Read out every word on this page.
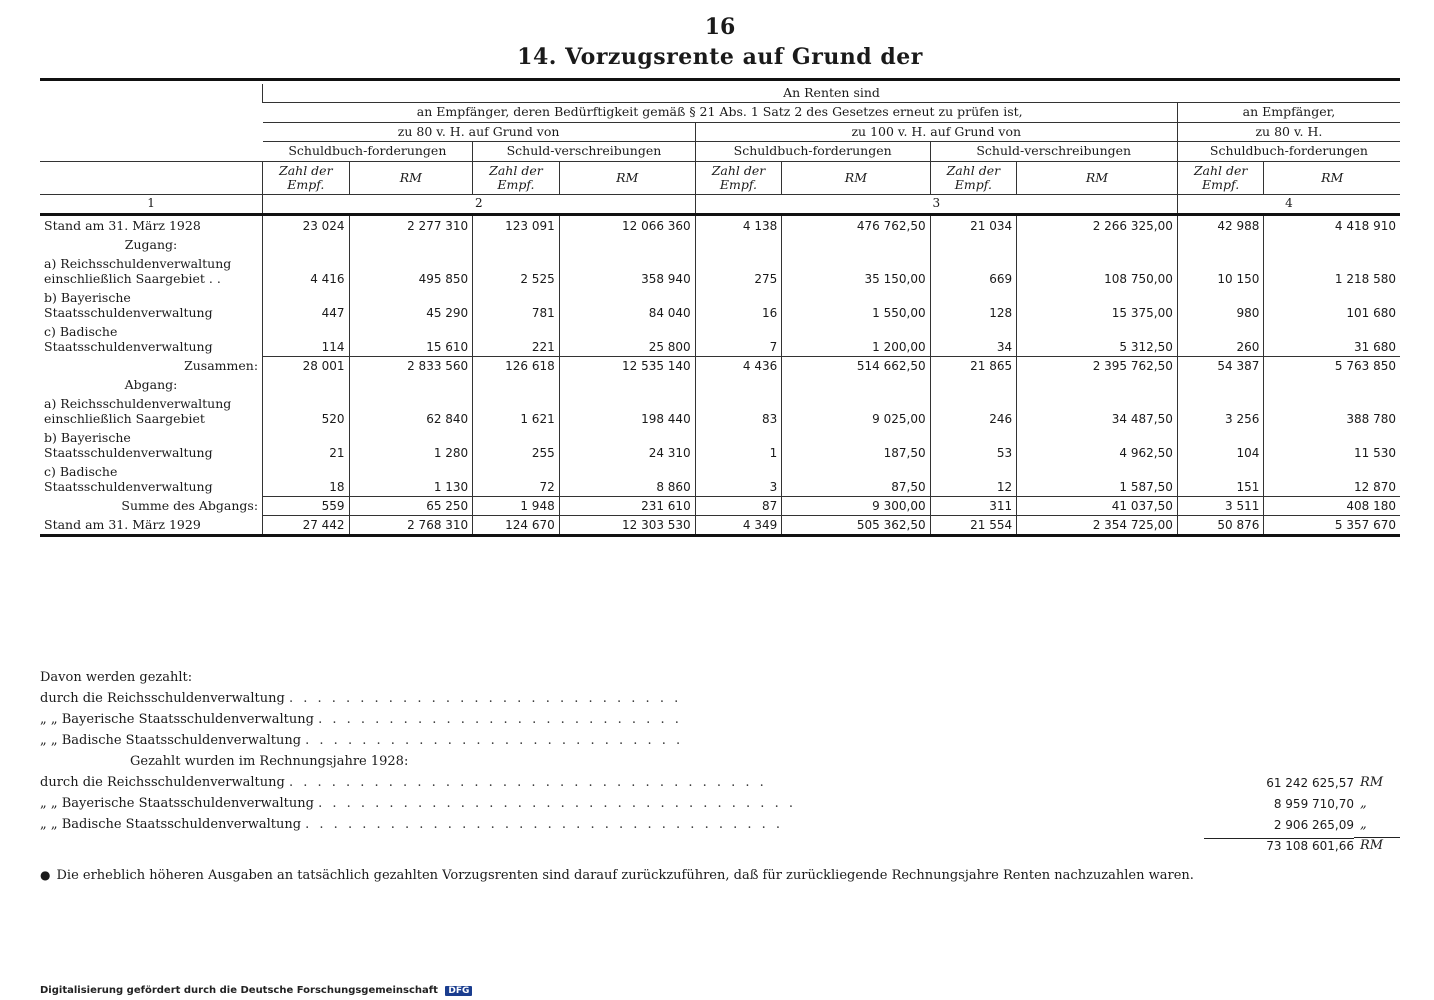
16
14. Vorzugsrente auf Grund der
	An Renten sind									
	an Empfänger, deren Bedürftigkeit gemäß § 21 Abs. 1 Satz 2 des Gesetzes erneut zu prüfen ist,								an Empfänger,	
	zu 80 v. H. auf Grund von				zu 100 v. H. auf Grund von				zu 80 v. H.	
	Schuldbuch-forderungen		Schuld-verschreibungen		Schuldbuch-forderungen		Schuld-verschreibungen		Schuldbuch-forderungen	
	Zahl der Empf.	RM	Zahl der Empf.	RM	Zahl der Empf.	RM	Zahl der Empf.	RM	Zahl der Empf.	RM
1	2				3				4	
Stand am 31. März 1928	23 024	2 277 310	123 091	12 066 360	4 138	476 762,50	21 034	2 266 325,00	42 988	4 418 910
Zugang:										
a) Reichsschuldenverwaltung einschließlich Saargebiet . .	4 416	495 850	2 525	358 940	275	35 150,00	669	108 750,00	10 150	1 218 580
b) Bayerische Staatsschuldenverwaltung	447	45 290	781	84 040	16	1 550,00	128	15 375,00	980	101 680
c) Badische Staatsschuldenverwaltung	114	15 610	221	25 800	7	1 200,00	34	5 312,50	260	31 680
Zusammen:	28 001	2 833 560	126 618	12 535 140	4 436	514 662,50	21 865	2 395 762,50	54 387	5 763 850
Abgang:										
a) Reichsschuldenverwaltung einschließlich Saargebiet	520	62 840	1 621	198 440	83	9 025,00	246	34 487,50	3 256	388 780
b) Bayerische Staatsschuldenverwaltung	21	1 280	255	24 310	1	187,50	53	4 962,50	104	11 530
c) Badische Staatsschuldenverwaltung	18	1 130	72	8 860	3	87,50	12	1 587,50	151	12 870
Summe des Abgangs:	559	65 250	1 948	231 610	87	9 300,00	311	41 037,50	3 511	408 180
Stand am 31. März 1929	27 442	2 768 310	124 670	12 303 530	4 349	505 362,50	21 554	2 354 725,00	50 876	5 357 670
Davon werden gezahlt:
durch die Reichsschuldenverwaltung . . . . . . . . . . . . . . . . . . . . . . . . . . . .
„ „ Bayerische Staatsschuldenverwaltung . . . . . . . . . . . . . . . . . . . . . . . . . .
„ „ Badische Staatsschuldenverwaltung . . . . . . . . . . . . . . . . . . . . . . . . . . .
Gezahlt wurden im Rechnungsjahre 1928:
durch die Reichsschuldenverwaltung . . . . . . . . . . . . . . . . . . . . . . . . . . . . . . . . . .	61 242 625,57 RM
„ „ Bayerische Staatsschuldenverwaltung . . . . . . . . . . . . . . . . . . . . . . . . . . . . . . . . . .	8 959 710,70 „
„ „ Badische Staatsschuldenverwaltung . . . . . . . . . . . . . . . . . . . . . . . . . . . . . . . . . .	2 906 265,09 „
73 108 601,66 RM
● Die erheblich höheren Ausgaben an tatsächlich gezahlten Vorzugsrenten sind darauf zurückzuführen, daß für zurückliegende Rechnungsjahre Renten nachzuzahlen waren.
Digitalisierung gefördert durch die Deutsche Forschungsgemeinschaft DFG
